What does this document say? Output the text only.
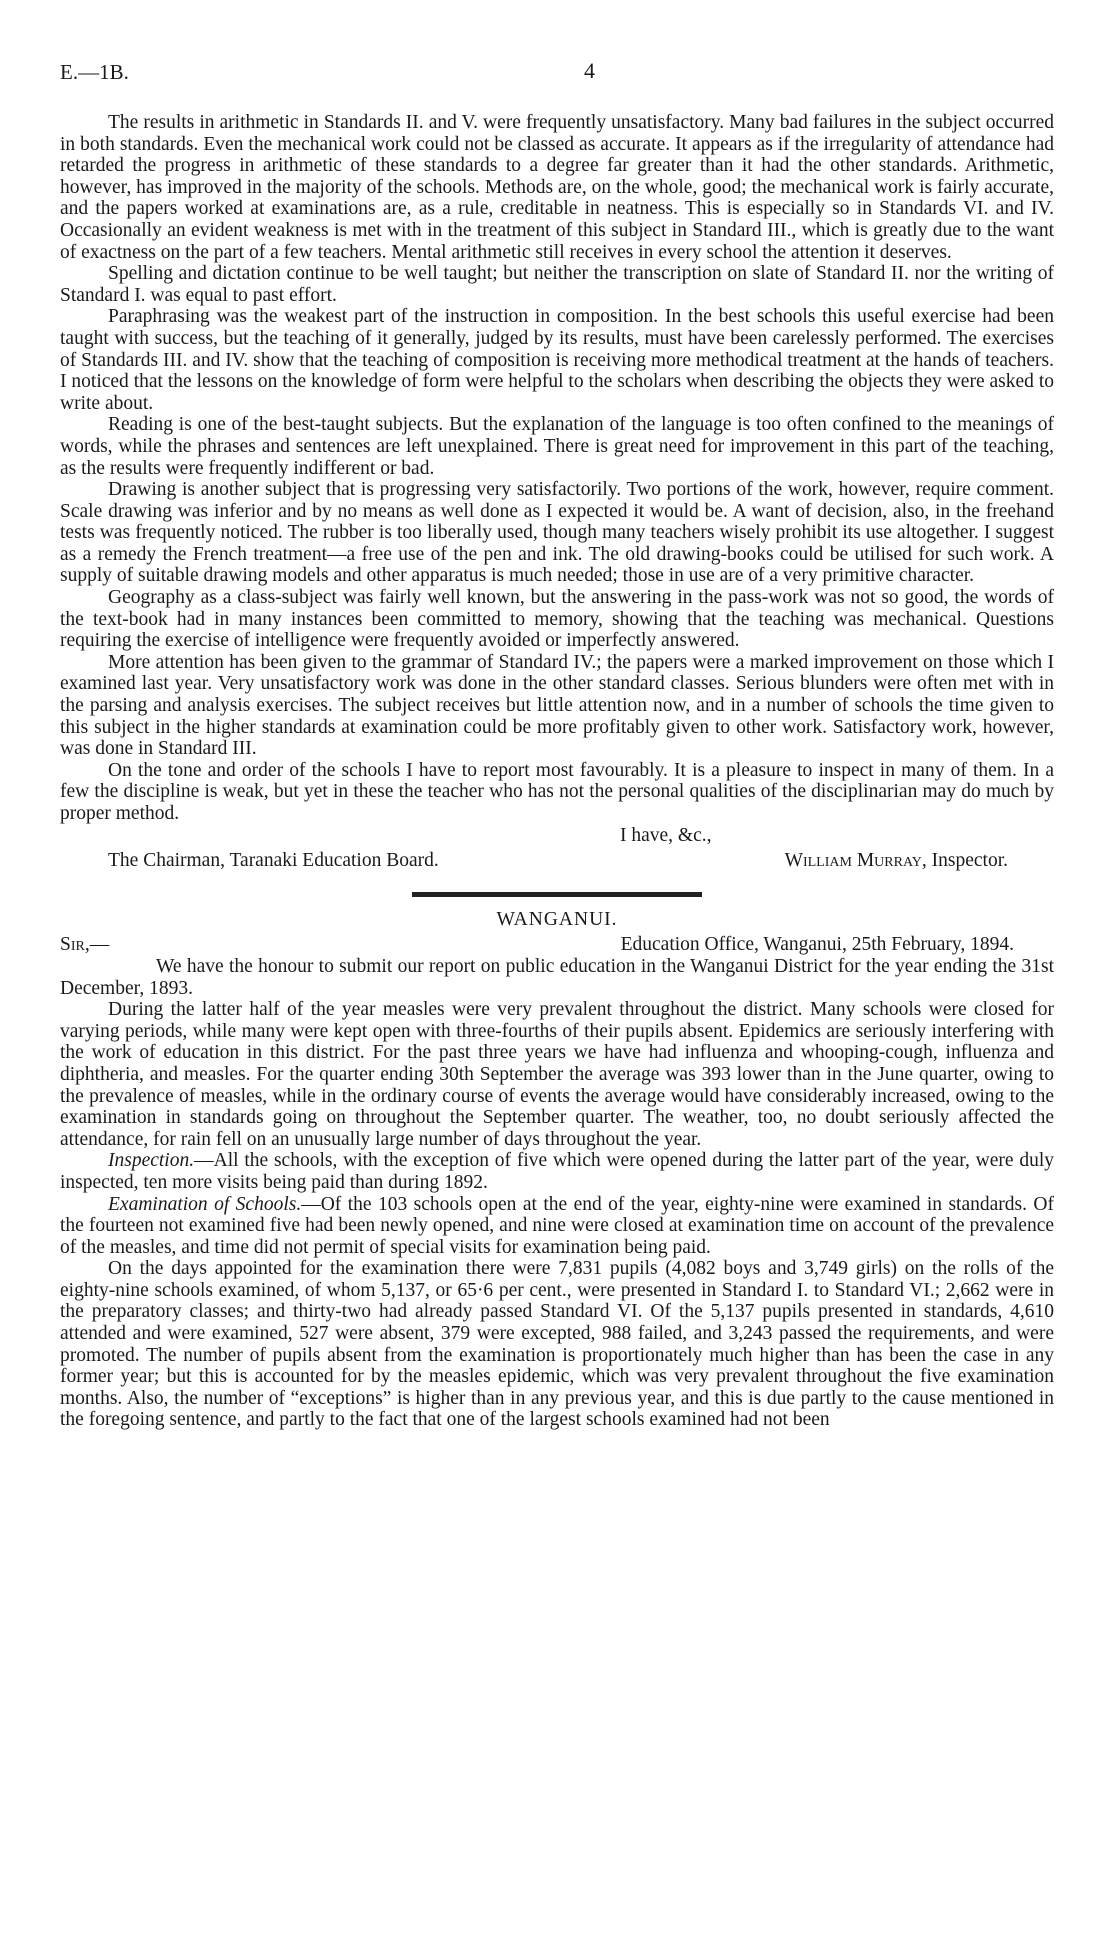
E.—1B.	4

The results in arithmetic in Standards II. and V. were frequently unsatisfactory. Many bad failures in the subject occurred in both standards. Even the mechanical work could not be classed as accurate. It appears as if the irregularity of attendance had retarded the progress in arithmetic of these standards to a degree far greater than it had the other standards. Arithmetic, however, has improved in the majority of the schools. Methods are, on the whole, good; the mechanical work is fairly accurate, and the papers worked at examinations are, as a rule, creditable in neatness. This is especially so in Standards VI. and IV. Occasionally an evident weakness is met with in the treatment of this subject in Standard III., which is greatly due to the want of exactness on the part of a few teachers. Mental arithmetic still receives in every school the attention it deserves.

Spelling and dictation continue to be well taught; but neither the transcription on slate of Standard II. nor the writing of Standard I. was equal to past effort.

Paraphrasing was the weakest part of the instruction in composition. In the best schools this useful exercise had been taught with success, but the teaching of it generally, judged by its results, must have been carelessly performed. The exercises of Standards III. and IV. show that the teaching of composition is receiving more methodical treatment at the hands of teachers. I noticed that the lessons on the knowledge of form were helpful to the scholars when describing the objects they were asked to write about.

Reading is one of the best-taught subjects. But the explanation of the language is too often confined to the meanings of words, while the phrases and sentences are left unexplained. There is great need for improvement in this part of the teaching, as the results were frequently indifferent or bad.

Drawing is another subject that is progressing very satisfactorily. Two portions of the work, however, require comment. Scale drawing was inferior and by no means as well done as I expected it would be. A want of decision, also, in the freehand tests was frequently noticed. The rubber is too liberally used, though many teachers wisely prohibit its use altogether. I suggest as a remedy the French treatment—a free use of the pen and ink. The old drawing-books could be utilised for such work. A supply of suitable drawing models and other apparatus is much needed; those in use are of a very primitive character.

Geography as a class-subject was fairly well known, but the answering in the pass-work was not so good, the words of the text-book had in many instances been committed to memory, showing that the teaching was mechanical. Questions requiring the exercise of intelligence were frequently avoided or imperfectly answered.

More attention has been given to the grammar of Standard IV.; the papers were a marked improvement on those which I examined last year. Very unsatisfactory work was done in the other standard classes. Serious blunders were often met with in the parsing and analysis exercises. The subject receives but little attention now, and in a number of schools the time given to this subject in the higher standards at examination could be more profitably given to other work. Satisfactory work, however, was done in Standard III.

On the tone and order of the schools I have to report most favourably. It is a pleasure to inspect in many of them. In a few the discipline is weak, but yet in these the teacher who has not the personal qualities of the disciplinarian may do much by proper method.

I have, &c.,

The Chairman, Taranaki Education Board.	William Murray, Inspector.
WANGANUI.
Sir,—	Education Office, Wanganui, 25th February, 1894.

We have the honour to submit our report on public education in the Wanganui District for the year ending the 31st December, 1893.

During the latter half of the year measles were very prevalent throughout the district. Many schools were closed for varying periods, while many were kept open with three-fourths of their pupils absent. Epidemics are seriously interfering with the work of education in this district. For the past three years we have had influenza and whooping-cough, influenza and diphtheria, and measles. For the quarter ending 30th September the average was 393 lower than in the June quarter, owing to the prevalence of measles, while in the ordinary course of events the average would have considerably increased, owing to the examination in standards going on throughout the September quarter. The weather, too, no doubt seriously affected the attendance, for rain fell on an unusually large number of days throughout the year.

Inspection.—All the schools, with the exception of five which were opened during the latter part of the year, were duly inspected, ten more visits being paid than during 1892.

Examination of Schools.—Of the 103 schools open at the end of the year, eighty-nine were examined in standards. Of the fourteen not examined five had been newly opened, and nine were closed at examination time on account of the prevalence of the measles, and time did not permit of special visits for examination being paid.

On the days appointed for the examination there were 7,831 pupils (4,082 boys and 3,749 girls) on the rolls of the eighty-nine schools examined, of whom 5,137, or 65·6 per cent., were presented in Standard I. to Standard VI.; 2,662 were in the preparatory classes; and thirty-two had already passed Standard VI. Of the 5,137 pupils presented in standards, 4,610 attended and were examined, 527 were absent, 379 were excepted, 988 failed, and 3,243 passed the requirements, and were promoted. The number of pupils absent from the examination is proportionately much higher than has been the case in any former year; but this is accounted for by the measles epidemic, which was very prevalent throughout the five examination months. Also, the number of “exceptions” is higher than in any previous year, and this is due partly to the cause mentioned in the foregoing sentence, and partly to the fact that one of the largest schools examined had not been
